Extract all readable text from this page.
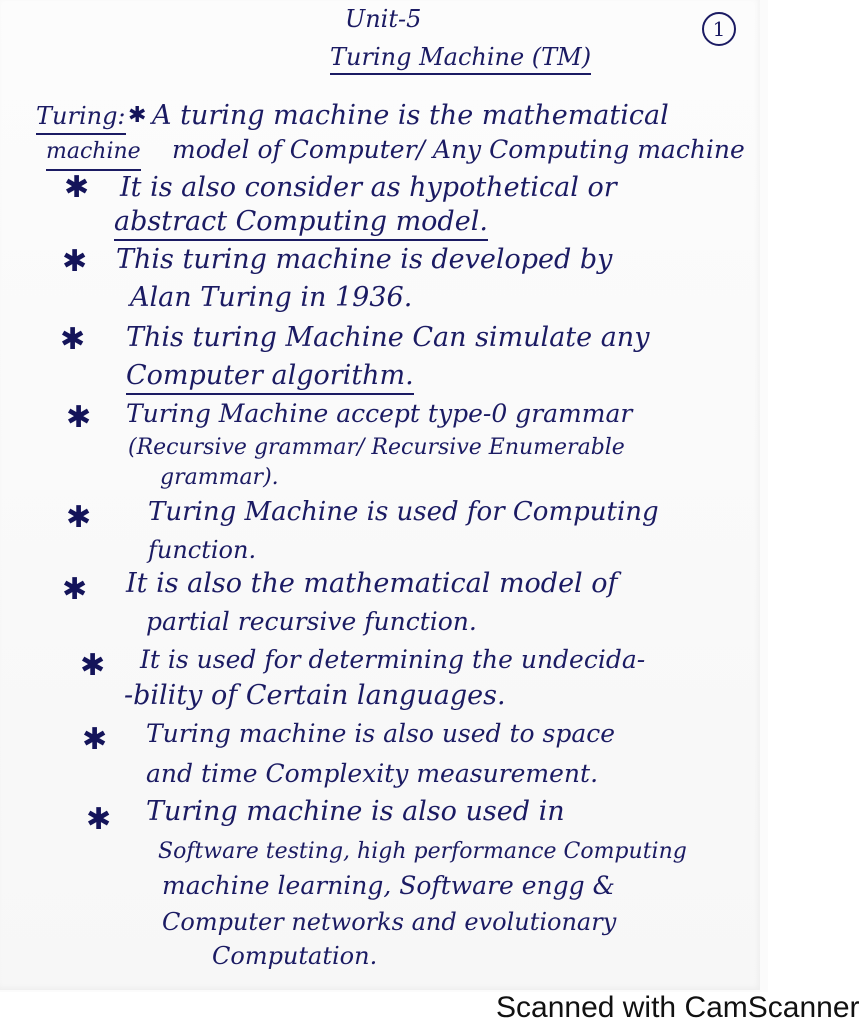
Unit-5	1
Turing Machine (TM)
Turing: ✱ A turing machine is the mathematical
machine model of Computer/ Any Computing machine
✱ It is also consider as hypothetical or
abstract Computing model.
✱ This turing machine is developed by
Alan Turing in 1936.
✱ This turing Machine Can simulate any
Computer algorithm.
✱ Turing Machine accept type-0 grammar
(Recursive grammar/ Recursive Enumerable
grammar).
✱ Turing Machine is used for Computing
function.
✱ It is also the mathematical model of
partial recursive function.
✱ It is used for determining the undecida-
-bility of Certain languages.
✱ Turing machine is also used to space
and time Complexity measurement.
✱ Turing machine is also used in
Software testing, high performance Computing
machine learning, Software engg &
Computer networks and evolutionary
Computation.
Scanned with CamScanner
